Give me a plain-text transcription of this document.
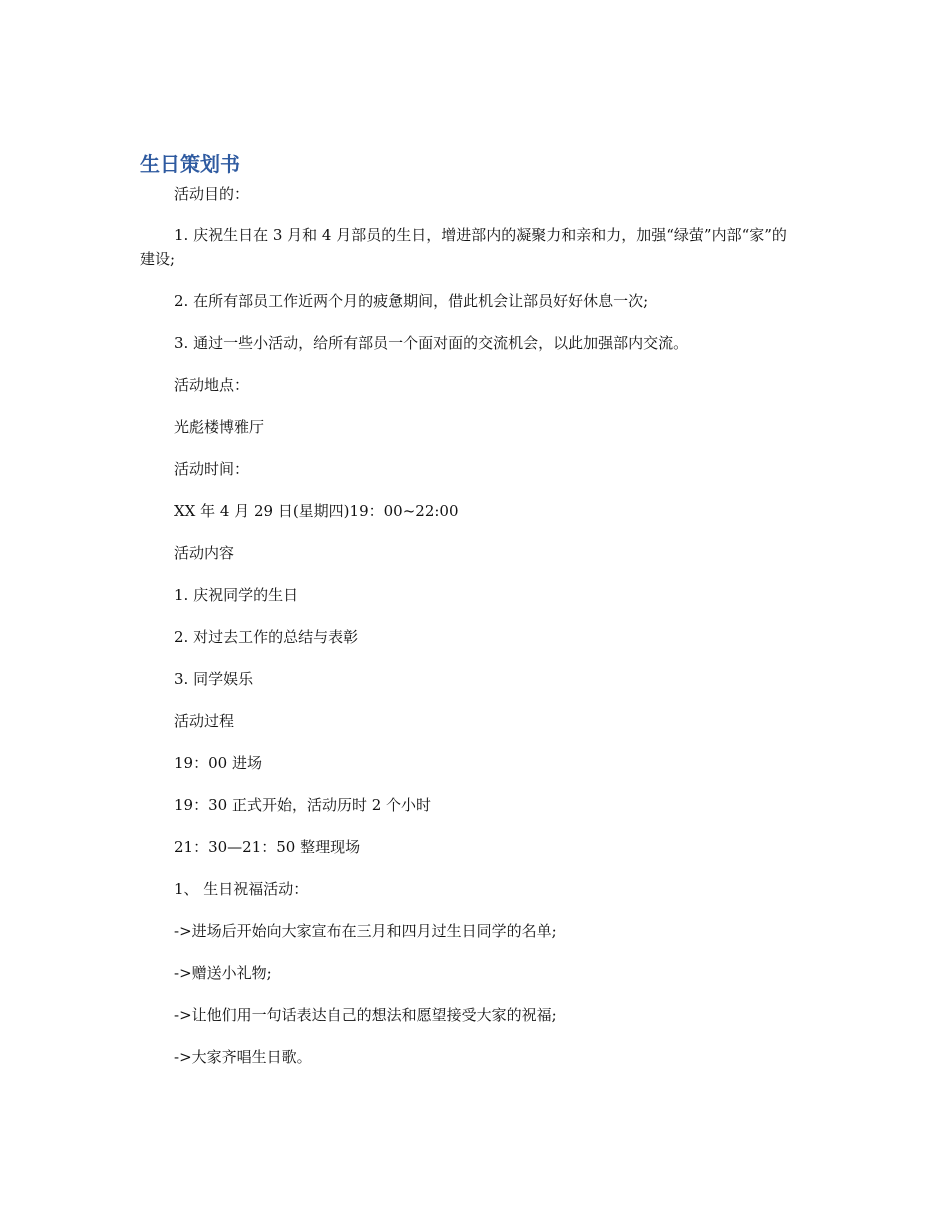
生日策划书

活动目的：

1. 庆祝生日在 3 月和 4 月部员的生日，增进部内的凝聚力和亲和力，加强“绿萤”内部“家”的建设;

2. 在所有部员工作近两个月的疲惫期间，借此机会让部员好好休息一次;

3. 通过一些小活动，给所有部员一个面对面的交流机会，以此加强部内交流。

活动地点：

光彪楼博雅厅

活动时间：

XX 年 4 月 29 日(星期四)19：00~22:00

活动内容

1. 庆祝同学的生日

2. 对过去工作的总结与表彰

3. 同学娱乐

活动过程

19：00 进场

19：30 正式开始，活动历时 2 个小时

21：30—21：50 整理现场

1、 生日祝福活动：

->进场后开始向大家宣布在三月和四月过生日同学的名单;

->赠送小礼物;

->让他们用一句话表达自己的想法和愿望接受大家的祝福;

->大家齐唱生日歌。
